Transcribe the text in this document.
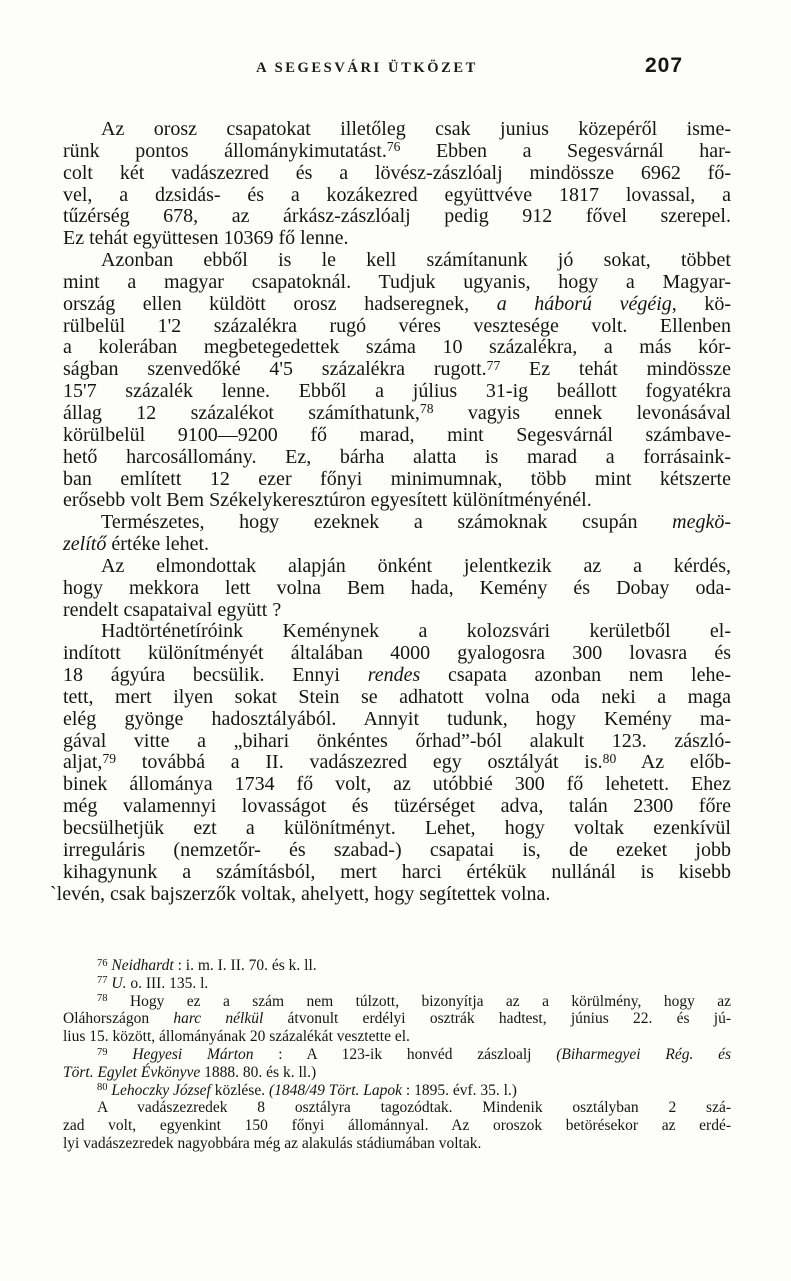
A SEGESVÁRI ÜTKÖZET	207
Az orosz csapatokat illetőleg csak junius közepéről isme-
rünk pontos állománykimutatást.$^{76}$ Ebben a Segesvárnál har-
colt két vadászezred és a lövész-zászlóalj mindössze 6962 fő-
vel, a dzsidás- és a kozákezred együttvéve 1817 lovassal, a
tűzérség 678, az árkász-zászlóalj pedig 912 fővel szerepel.
Ez tehát együttesen 10369 fő lenne.
Azonban ebből is le kell számítanunk jó sokat, többet
mint a magyar csapatoknál. Tudjuk ugyanis, hogy a Magyar-
ország ellen küldött orosz hadseregnek, a háború végéig, kö-
rülbelül 1'2 százalékra rugó véres vesztesége volt. Ellenben
a kolerában megbetegedettek száma 10 százalékra, a más kór-
ságban szenvedőké 4'5 százalékra rugott.$^{77}$ Ez tehát mindössze
15'7 százalék lenne. Ebből a július 31-ig beállott fogyatékra
állag 12 százalékot számíthatunk,$^{78}$ vagyis ennek levonásával
körülbelül 9100—9200 fő marad, mint Segesvárnál számbave-
hető harcosállomány. Ez, bárha alatta is marad a forrásaink-
ban említett 12 ezer főnyi minimumnak, több mint kétszerte
erősebb volt Bem Székelykeresztúron egyesített különítményénél.
Természetes, hogy ezeknek a számoknak csupán megkö-
zelítő értéke lehet.
Az elmondottak alapján önként jelentkezik az a kérdés,
hogy mekkora lett volna Bem hada, Kemény és Dobay oda-
rendelt csapataival együtt ?
Hadtörténetíróink Keménynek a kolozsvári kerületből el-
indított különítményét általában 4000 gyalogosra 300 lovasra és
18 ágyúra becsülik. Ennyi rendes csapata azonban nem lehe-
tett, mert ilyen sokat Stein se adhatott volna oda neki a maga
elég gyönge hadosztályából. Annyit tudunk, hogy Kemény ma-
gával vitte a „bihari önkéntes őrhad”-ból alakult 123. zászló-
aljat,$^{79}$ továbbá a II. vadászezred egy osztályát is.$^{80}$ Az előb-
binek állománya 1734 fő volt, az utóbbié 300 fő lehetett. Ehez
még valamennyi lovasságot és tüzérséget adva, talán 2300 főre
becsülhetjük ezt a különítményt. Lehet, hogy voltak ezenkívül
irreguláris (nemzetőr- és szabad-) csapatai is, de ezeket jobb
kihagynunk a számításból, mert harci értékük nullánál is kisebb
ˋlevén, csak bajszerzők voltak, ahelyett, hogy segítettek volna.
$^{76}$ Neidhardt : i. m. I. II. 70. és k. ll.
$^{77}$ U. o. III. 135. l.
$^{78}$ Hogy ez a szám nem túlzott, bizonyítja az a körülmény, hogy az
Oláhországon harc nélkül átvonult erdélyi osztrák hadtest, június 22. és jú-
lius 15. között, állományának 20 százalékát vesztette el.
$^{79}$ Hegyesi Márton : A 123-ik honvéd zászloalj (Biharmegyei Rég. és
Tört. Egylet Évkönyve 1888. 80. és k. ll.)
$^{80}$ Lehoczky József közlése. (1848/49 Tört. Lapok : 1895. évf. 35. l.)
A vadászezredek 8 osztályra tagozódtak. Mindenik osztályban 2 szá-
zad volt, egyenkint 150 főnyi állománnyal. Az oroszok betörésekor az erdé-
lyi vadászezredek nagyobbára még az alakulás stádiumában voltak.
